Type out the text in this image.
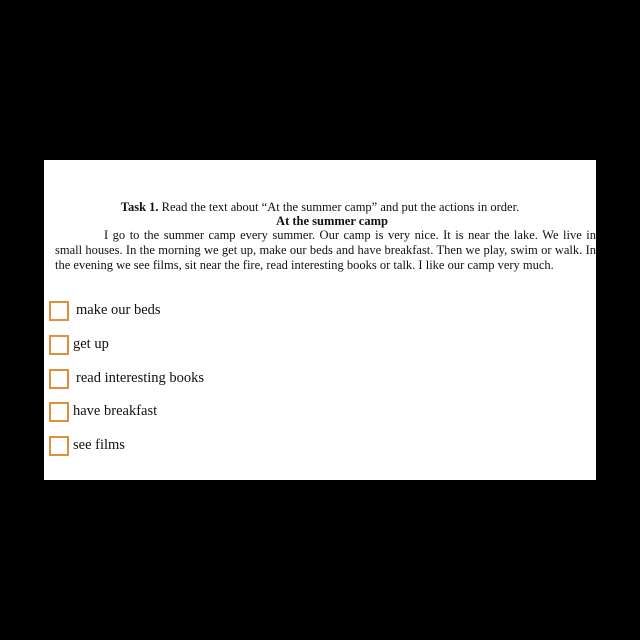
Task 1. Read the text about “At the summer camp” and put the actions in order.
At the summer camp
I go to the summer camp every summer. Our camp is very nice. It is near the lake. We live in small houses. In the morning we get up, make our beds and have breakfast. Then we play, swim or walk. In the evening we see films, sit near the fire, read interesting books or talk. I like our camp very much.
make our beds
get up
read interesting books
have breakfast
see films
